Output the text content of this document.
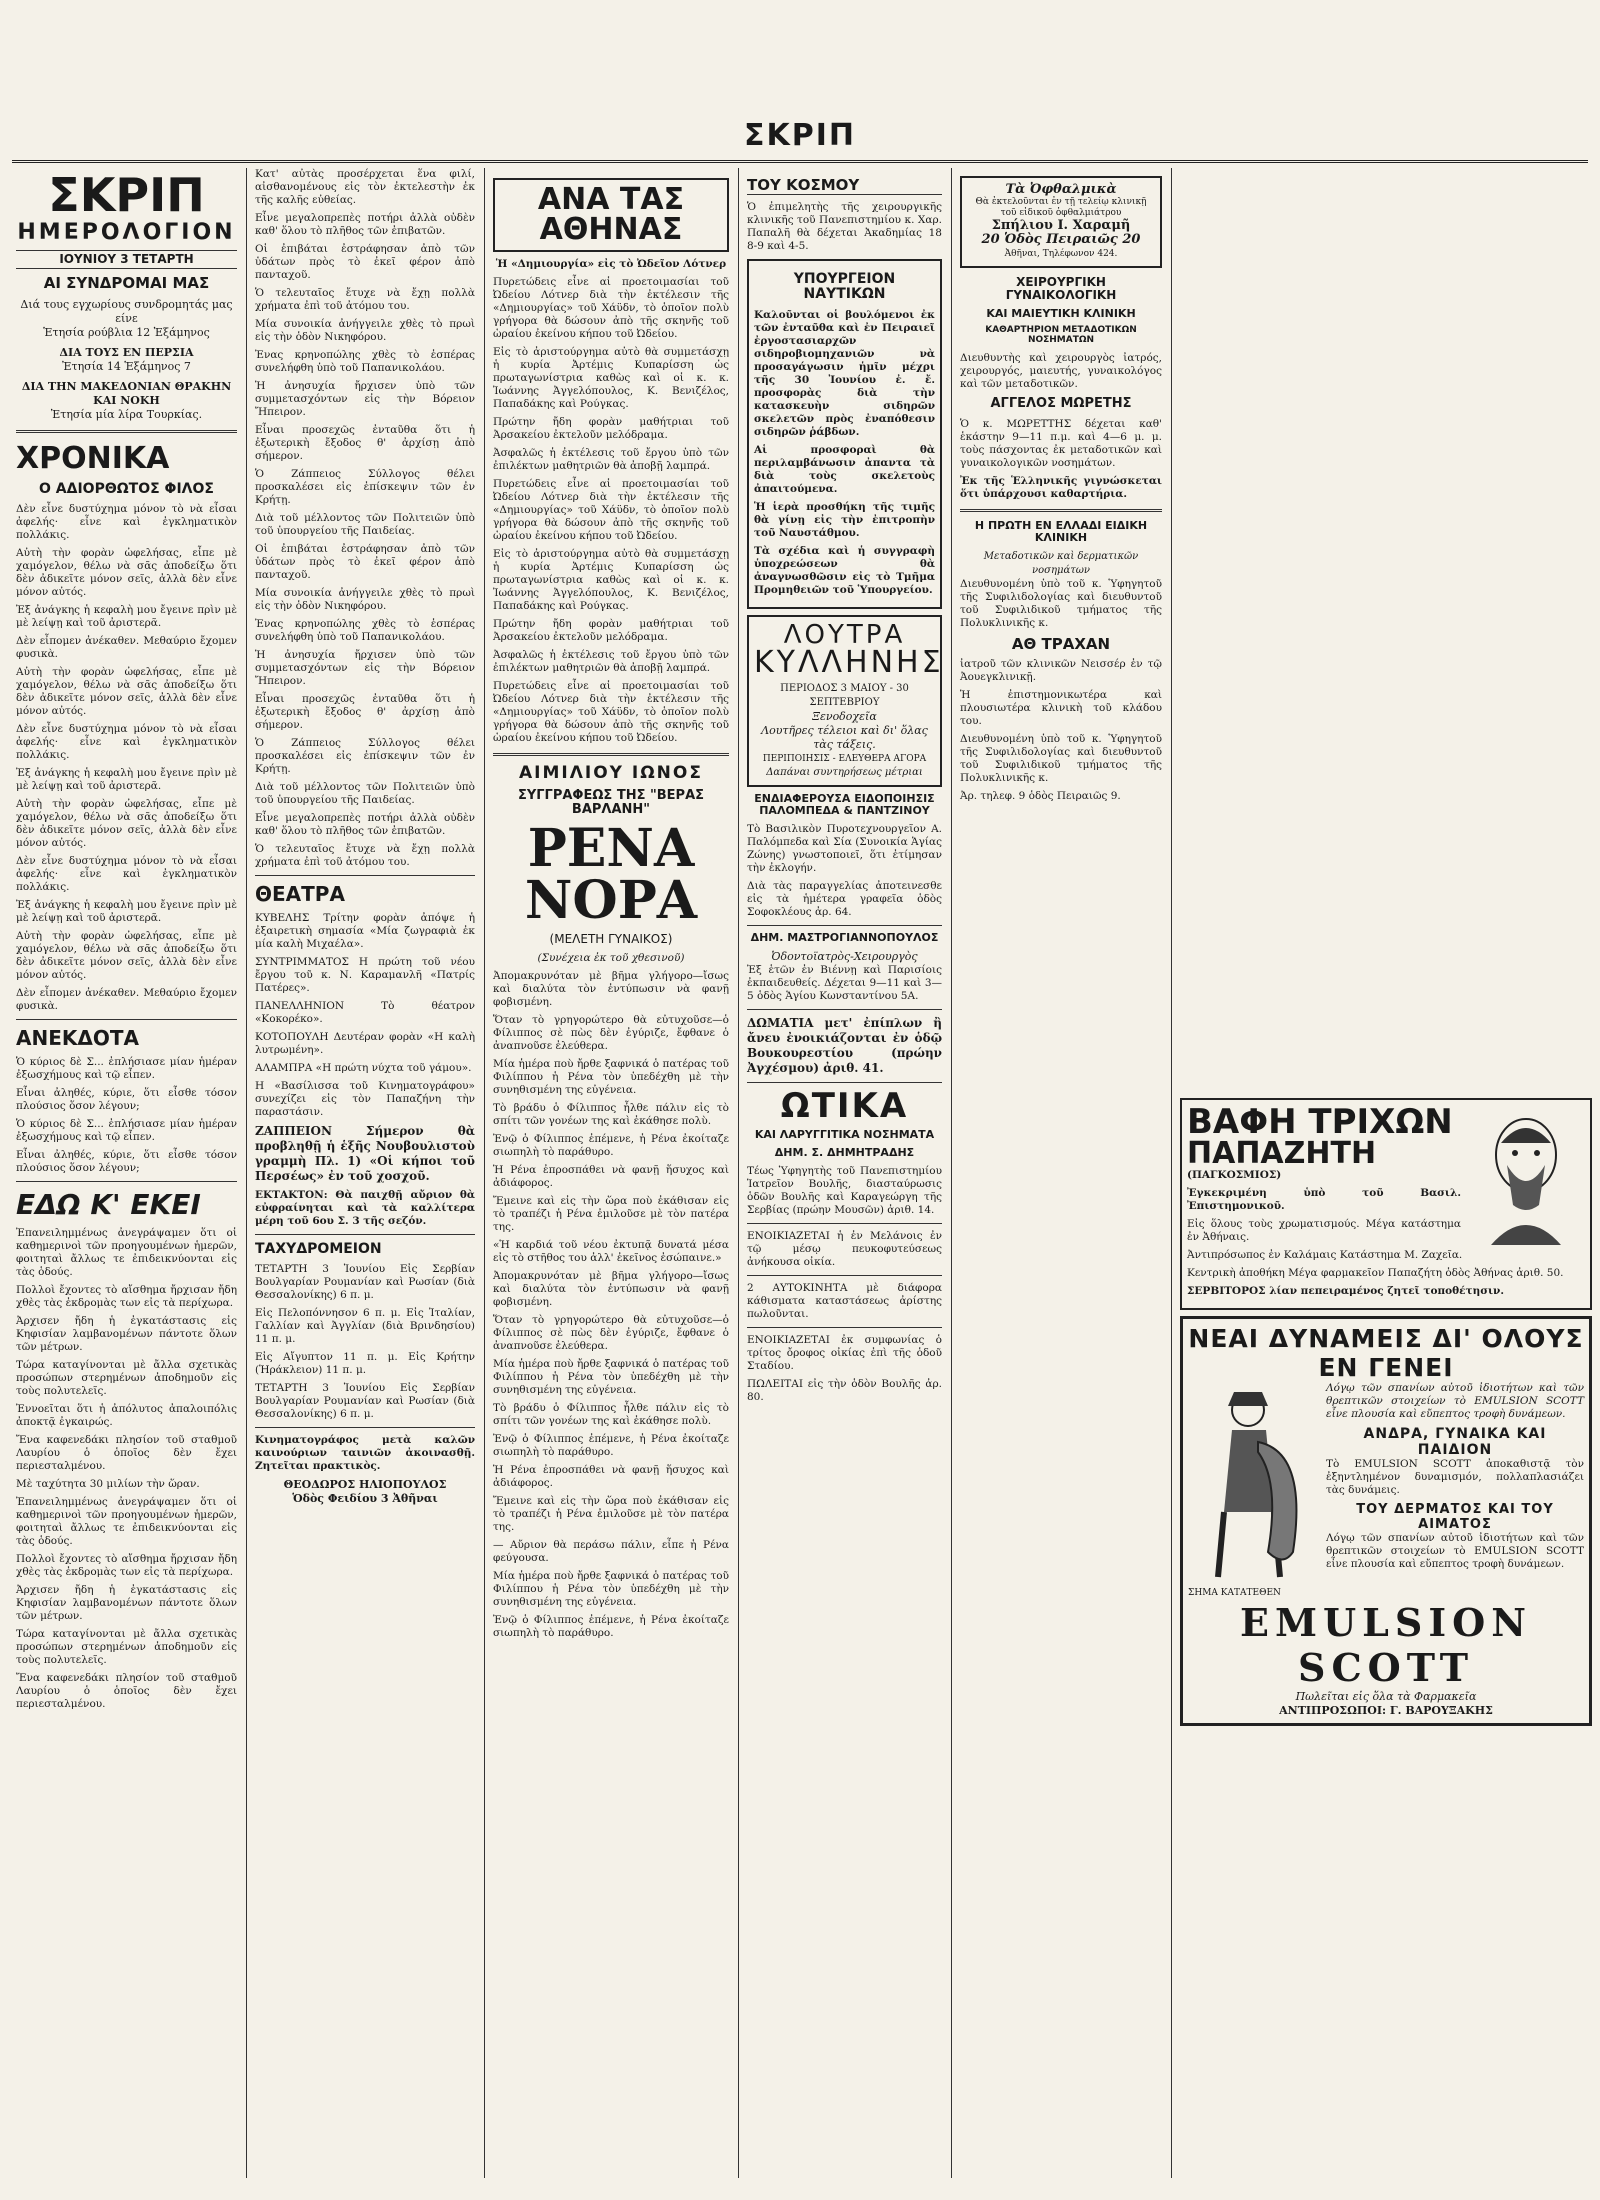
ΣΚΡΙΠ
ΣΚΡΙΠ
ΗΜΕΡΟΛΟΓΙΟΝ
ΙΟΥΝΙΟΥ 3 ΤΕΤΑΡΤΗ
ΑΙ ΣΥΝΔΡΟΜΑΙ ΜΑΣ

Διά τους εγχωρίους συνδρομητάς μας είνε

Ἑτησία ρούβλια 12 Ἑξάμηνος

ΔΙΑ ΤΟΥΣ ΕΝ ΠΕΡΣΙΑ

Ἐτησία 14 Ἑξάμηνος 7

ΔΙΑ ΤΗΝ ΜΑΚΕΔΟΝΙΑΝ ΘΡΑΚΗΝ ΚΑΙ ΝΟΚΗ

Ἐτησία μία λίρα Τουρκίας.

ΧΡΟΝΙΚΑ
Ο ΑΔΙΟΡΘΩΤΟΣ ΦΙΛΟΣ

Δὲν εἶνε δυστύχημα μόνον τὸ νὰ εἶσαι ἀφελής· εἶνε καὶ ἐγκληματικὸν πολλάκις.

Αὐτὴ τὴν φορὰν ὠφελήσας, εἶπε μὲ χαμόγελον, θέλω νὰ σᾶς ἀποδείξω ὅτι δὲν ἀδικεῖτε μόνον σεῖς, ἀλλὰ δὲν εἶνε μόνον αὐτός.

Ἐξ ἀνάγκης ἡ κεφαλὴ μου ἔγεινε πρὶν μὲ μὲ λείψῃ καὶ τοῦ ἀριστερᾶ.

Δὲν εἶπομεν ἀνέκαθεν. Μεθαύριο ἔχομεν φυσικὰ.

Αὐτὴ τὴν φορὰν ὠφελήσας, εἶπε μὲ χαμόγελον, θέλω νὰ σᾶς ἀποδείξω ὅτι δὲν ἀδικεῖτε μόνον σεῖς, ἀλλὰ δὲν εἶνε μόνον αὐτός.

Δὲν εἶνε δυστύχημα μόνον τὸ νὰ εἶσαι ἀφελής· εἶνε καὶ ἐγκληματικὸν πολλάκις.

Ἐξ ἀνάγκης ἡ κεφαλὴ μου ἔγεινε πρὶν μὲ μὲ λείψῃ καὶ τοῦ ἀριστερᾶ.

Αὐτὴ τὴν φορὰν ὠφελήσας, εἶπε μὲ χαμόγελον, θέλω νὰ σᾶς ἀποδείξω ὅτι δὲν ἀδικεῖτε μόνον σεῖς, ἀλλὰ δὲν εἶνε μόνον αὐτός.

Δὲν εἶνε δυστύχημα μόνον τὸ νὰ εἶσαι ἀφελής· εἶνε καὶ ἐγκληματικὸν πολλάκις.

Ἐξ ἀνάγκης ἡ κεφαλὴ μου ἔγεινε πρὶν μὲ μὲ λείψῃ καὶ τοῦ ἀριστερᾶ.

Αὐτὴ τὴν φορὰν ὠφελήσας, εἶπε μὲ χαμόγελον, θέλω νὰ σᾶς ἀποδείξω ὅτι δὲν ἀδικεῖτε μόνον σεῖς, ἀλλὰ δὲν εἶνε μόνον αὐτός.

Δὲν εἶπομεν ἀνέκαθεν. Μεθαύριο ἔχομεν φυσικὰ.

ΑΝΕΚΔΟΤΑ

Ὁ κύριος δὲ Σ... ἐπλήσιασε μίαν ἡμέραν ἐξωσχήμους καὶ τῷ εἶπεν.

Εἶναι ἀληθές, κύριε, ὅτι εἶσθε τόσον πλούσιος ὅσον λέγουν;

Ὁ κύριος δὲ Σ... ἐπλήσιασε μίαν ἡμέραν ἐξωσχήμους καὶ τῷ εἶπεν.

Εἶναι ἀληθές, κύριε, ὅτι εἶσθε τόσον πλούσιος ὅσον λέγουν;

ΕΔΩ Κ' ΕΚΕΙ

Ἐπανειλημμένως ἀνεγράψαμεν ὅτι οἱ καθημερινοὶ τῶν προηγουμένων ἡμερῶν, φοιτηταὶ ἄλλως τε ἐπιδεικνύονται εἰς τὰς ὁδούς.

Πολλοὶ ἔχοντες τὸ αἴσθημα ἤρχισαν ἤδη χθὲς τὰς ἐκδρομὰς των εἰς τὰ περίχωρα.

Ἀρχισεν ἤδη ἡ ἐγκατάστασις εἰς Κηφισίαν λαμβανομένων πάντοτε ὅλων τῶν μέτρων.

Τώρα καταγίνονται μὲ ἄλλα σχετικὰς προσώπων στερημένων ἀποδημοῦν εἰς τοὺς πολυτελεῖς.

Ἐννοεῖται ὅτι ἡ ἀπόλυτος ἀπαλοιπόλις ἀποκτᾷ ἐγκαιρώς.

Ἔνα καφενεδάκι πλησίον τοῦ σταθμοῦ Λαυρίου ὁ ὁποῖος δὲν ἔχει περιεσταλμένου.

Μὲ ταχύτητα 30 μιλίων τὴν ὥραν.

Ἐπανειλημμένως ἀνεγράψαμεν ὅτι οἱ καθημερινοὶ τῶν προηγουμένων ἡμερῶν, φοιτηταὶ ἄλλως τε ἐπιδεικνύονται εἰς τὰς ὁδούς.

Πολλοὶ ἔχοντες τὸ αἴσθημα ἤρχισαν ἤδη χθὲς τὰς ἐκδρομὰς των εἰς τὰ περίχωρα.

Ἀρχισεν ἤδη ἡ ἐγκατάστασις εἰς Κηφισίαν λαμβανομένων πάντοτε ὅλων τῶν μέτρων.

Τώρα καταγίνονται μὲ ἄλλα σχετικὰς προσώπων στερημένων ἀποδημοῦν εἰς τοὺς πολυτελεῖς.

Ἔνα καφενεδάκι πλησίον τοῦ σταθμοῦ Λαυρίου ὁ ὁποῖος δὲν ἔχει περιεσταλμένου.

Κατ' αὐτὰς προσέρχεται ἕνα φιλί, αἰσθανομένους εἰς τὸν ἐκτελεστὴν ἐκ τῆς καλῆς εὐθείας.

Εἶνε μεγαλοπρεπὲς ποτήρι ἀλλὰ οὐδὲν καθ' ὅλου τὸ πλῆθος τῶν ἐπιβατῶν.

Οἱ ἐπιβάται ἐστράφησαν ἀπὸ τῶν ὑδάτων πρὸς τὸ ἐκεῖ φέρον ἀπὸ πανταχοῦ.

Ὁ τελευταῖος ἔτυχε νὰ ἔχῃ πολλὰ χρήματα ἐπὶ τοῦ ἀτόμου του.

Μία συνοικία ἀνήγγειλε χθὲς τὸ πρωὶ εἰς τὴν ὁδὸν Νικηφόρου.

Ἐνας κρηνοπώλης χθὲς τὸ ἑσπέρας συνελήφθη ὑπὸ τοῦ Παπανικολάου.

Ἡ ἀνησυχία ἤρχισεν ὑπὸ τῶν συμμετασχόντων εἰς τὴν Βόρειον Ἤπειρον.

Εἶναι προσεχῶς ἐνταῦθα ὅτι ἡ ἐξωτερικὴ ἔξοδος θ' ἀρχίσῃ ἀπὸ σήμερον.

Ὁ Ζάππειος Σύλλογος θέλει προσκαλέσει εἰς ἐπίσκεψιν τῶν ἐν Κρήτῃ.

Διὰ τοῦ μέλλοντος τῶν Πολιτειῶν ὑπὸ τοῦ ὑπουργείου τῆς Παιδείας.

Οἱ ἐπιβάται ἐστράφησαν ἀπὸ τῶν ὑδάτων πρὸς τὸ ἐκεῖ φέρον ἀπὸ πανταχοῦ.

Μία συνοικία ἀνήγγειλε χθὲς τὸ πρωὶ εἰς τὴν ὁδὸν Νικηφόρου.

Ἐνας κρηνοπώλης χθὲς τὸ ἑσπέρας συνελήφθη ὑπὸ τοῦ Παπανικολάου.

Ἡ ἀνησυχία ἤρχισεν ὑπὸ τῶν συμμετασχόντων εἰς τὴν Βόρειον Ἤπειρον.

Εἶναι προσεχῶς ἐνταῦθα ὅτι ἡ ἐξωτερικὴ ἔξοδος θ' ἀρχίσῃ ἀπὸ σήμερον.

Ὁ Ζάππειος Σύλλογος θέλει προσκαλέσει εἰς ἐπίσκεψιν τῶν ἐν Κρήτῃ.

Διὰ τοῦ μέλλοντος τῶν Πολιτειῶν ὑπὸ τοῦ ὑπουργείου τῆς Παιδείας.

Εἶνε μεγαλοπρεπὲς ποτήρι ἀλλὰ οὐδὲν καθ' ὅλου τὸ πλῆθος τῶν ἐπιβατῶν.

Ὁ τελευταῖος ἔτυχε νὰ ἔχῃ πολλὰ χρήματα ἐπὶ τοῦ ἀτόμου του.

ΘΕΑΤΡΑ

ΚΥΒΕΛΗΣ Τρίτην φορὰν ἀπόψε ἡ ἐξαιρετικὴ σημασία «Μία ζωγραφιὰ ἐκ μία καλὴ Μιχαέλα».

ΣΥΝΤΡΙΜΜΑΤΟΣ Η πρώτη τοῦ νέου ἔργου τοῦ κ. Ν. Καραμανλῆ «Πατρίς Πατέρες».

ΠΑΝΕΛΛΗΝΙΟΝ Τὸ θέατρον «Κοκορέκο».

ΚΟΤΟΠΟΥΛΗ Δευτέραν φορὰν «Η καλὴ λυτρωμένη».

ΑΛΑΜΠΡΑ «Η πρώτη νύχτα τοῦ γάμου».

Η «Βασίλισσα τοῦ Κινηματογράφου» συνεχίζει εἰς τὸν Παπαζήνη τὴν παραστάσιν.

ΖΑΠΠΕΙΟΝ Σήμερον θὰ προβληθῇ ἡ ἑξῆς Νουβουλιστοὺ γραμμὴ Πλ. 1) «Οἱ κήποι τοῦ Περσέως» ἐν τοῦ χοσχοῦ.

ΕΚΤΑΚΤΟΝ: Θὰ παιχθῇ αὔριον θὰ εὐφραίνηται καὶ τὰ καλλίτερα μέρη τοῦ 6ου Σ. 3 τῆς σεζόν.

ΤΑΧΥΔΡΟΜΕΙΟΝ

ΤΕΤΑΡΤΗ 3 Ἰουνίου Εἰς Σερβίαν Βουλγαρίαν Ρουμανίαν καὶ Ρωσίαν (διὰ Θεσσαλονίκης) 6 π. μ.

Εἰς Πελοπόννησον 6 π. μ. Εἰς Ἰταλίαν, Γαλλίαν καὶ Ἀγγλίαν (διὰ Βρινδησίου) 11 π. μ.

Εἰς Αἴγυπτον 11 π. μ. Εἰς Κρήτην (Ἡράκλειον) 11 π. μ.

ΤΕΤΑΡΤΗ 3 Ἰουνίου Εἰς Σερβίαν Βουλγαρίαν Ρουμανίαν καὶ Ρωσίαν (διὰ Θεσσαλονίκης) 6 π. μ.

Κινηματογράφος μετὰ καλῶν καινούριων ταινιῶν ἀκοινασθῇ. Ζητεῖται πρακτικὸς.

ΘΕΟΔΩΡΟΣ ΗΛΙΟΠΟΥΛΟΣ

Ὁδὸς Φειδίου 3 Ἀθῆναι

ΑΝΑ ΤΑΣ ΑΘΗΝΑΣ

Ἡ «Δημιουργία» εἰς τὸ Ὠδεῖον Λότνερ

Πυρετώδεις εἶνε αἱ προετοιμασίαι τοῦ Ὠδείου Λότνερ διὰ τὴν ἐκτέλεσιν τῆς «Δημιουργίας» τοῦ Χάϋδν, τὸ ὁποῖον πολὺ γρήγορα θὰ δώσουν ἀπὸ τῆς σκηνῆς τοῦ ὡραίου ἐκείνου κήπου τοῦ Ὠδείου.

Εἰς τὸ ἀριστούργημα αὐτὸ θὰ συμμετάσχῃ ἡ κυρία Ἀρτέμις Κυπαρίσση ὡς πρωταγωνίστρια καθὼς καὶ οἱ κ. κ. Ἰωάννης Ἀγγελόπουλος, Κ. Βενιζέλος, Παπαδάκης καὶ Ρούγκας.

Πρώτην ἤδη φορὰν μαθήτριαι τοῦ Ἀρσακείου ἐκτελοῦν μελόδραμα.

Ἀσφαλῶς ἡ ἐκτέλεσις τοῦ ἔργου ὑπὸ τῶν ἐπιλέκτων μαθητριῶν θὰ ἀποβῇ λαμπρά.

Πυρετώδεις εἶνε αἱ προετοιμασίαι τοῦ Ὠδείου Λότνερ διὰ τὴν ἐκτέλεσιν τῆς «Δημιουργίας» τοῦ Χάϋδν, τὸ ὁποῖον πολὺ γρήγορα θὰ δώσουν ἀπὸ τῆς σκηνῆς τοῦ ὡραίου ἐκείνου κήπου τοῦ Ὠδείου.

Εἰς τὸ ἀριστούργημα αὐτὸ θὰ συμμετάσχῃ ἡ κυρία Ἀρτέμις Κυπαρίσση ὡς πρωταγωνίστρια καθὼς καὶ οἱ κ. κ. Ἰωάννης Ἀγγελόπουλος, Κ. Βενιζέλος, Παπαδάκης καὶ Ρούγκας.

Πρώτην ἤδη φορὰν μαθήτριαι τοῦ Ἀρσακείου ἐκτελοῦν μελόδραμα.

Ἀσφαλῶς ἡ ἐκτέλεσις τοῦ ἔργου ὑπὸ τῶν ἐπιλέκτων μαθητριῶν θὰ ἀποβῇ λαμπρά.

Πυρετώδεις εἶνε αἱ προετοιμασίαι τοῦ Ὠδείου Λότνερ διὰ τὴν ἐκτέλεσιν τῆς «Δημιουργίας» τοῦ Χάϋδν, τὸ ὁποῖον πολὺ γρήγορα θὰ δώσουν ἀπὸ τῆς σκηνῆς τοῦ ὡραίου ἐκείνου κήπου τοῦ Ὠδείου.

ΑΙΜΙΛΙΟΥ ΙΩΝΟΣ
ΣΥΓΓΡΑΦΕΩΣ ΤΗΣ "ΒΕΡΑΣ ΒΑΡΛΑΝΗ"
ΡΕΝΑ ΝΟΡΑ
(ΜΕΛΕΤΗ ΓΥΝΑΙΚΟΣ)

(Συνέχεια ἐκ τοῦ χθεσινοῦ)

Ἀπομακρυνόταν μὲ βῆμα γλήγορο—ἴσως καὶ διαλύτα τὸν ἐντύπωσιν νὰ φανῇ φοβισμένη.

Ὅταν τὸ γρηγορώτερο θὰ εὐτυχοῦσε—ὁ Φίλιππος σὲ πὼς δὲν ἐγύριζε, ἔφθανε ὁ ἀναπνοῦσε ἐλεύθερα.

Μία ἡμέρα ποὺ ἤρθε ξαφνικά ὁ πατέρας τοῦ Φιλίππου ἡ Ρένα τὸν ὑπεδέχθη μὲ τὴν συνηθισμένη της εὐγένεια.

Τὸ βράδυ ὁ Φίλιππος ἦλθε πάλιν εἰς τὸ σπίτι τῶν γονέων της καὶ ἐκάθησε πολὺ.

Ἐνῷ ὁ Φίλιππος ἐπέμενε, ἡ Ρένα ἐκοίταζε σιωπηλὴ τὸ παράθυρο.

Ἡ Ρένα ἐπροσπάθει νὰ φανῇ ἥσυχος καὶ ἀδιάφορος.

Ἔμεινε καὶ εἰς τὴν ὥρα ποὺ ἐκάθισαν εἰς τὸ τραπέζι ἡ Ρένα ἐμιλοῦσε μὲ τὸν πατέρα της.

«Ἡ καρδιά τοῦ νέου ἐκτυπᾷ δυνατά μέσα εἰς τὸ στῆθος του ἀλλ' ἐκεῖνος ἐσώπαινε.»

Ἀπομακρυνόταν μὲ βῆμα γλήγορο—ἴσως καὶ διαλύτα τὸν ἐντύπωσιν νὰ φανῇ φοβισμένη.

Ὅταν τὸ γρηγορώτερο θὰ εὐτυχοῦσε—ὁ Φίλιππος σὲ πὼς δὲν ἐγύριζε, ἔφθανε ὁ ἀναπνοῦσε ἐλεύθερα.

Μία ἡμέρα ποὺ ἤρθε ξαφνικά ὁ πατέρας τοῦ Φιλίππου ἡ Ρένα τὸν ὑπεδέχθη μὲ τὴν συνηθισμένη της εὐγένεια.

Τὸ βράδυ ὁ Φίλιππος ἦλθε πάλιν εἰς τὸ σπίτι τῶν γονέων της καὶ ἐκάθησε πολὺ.

Ἐνῷ ὁ Φίλιππος ἐπέμενε, ἡ Ρένα ἐκοίταζε σιωπηλὴ τὸ παράθυρο.

Ἡ Ρένα ἐπροσπάθει νὰ φανῇ ἥσυχος καὶ ἀδιάφορος.

Ἔμεινε καὶ εἰς τὴν ὥρα ποὺ ἐκάθισαν εἰς τὸ τραπέζι ἡ Ρένα ἐμιλοῦσε μὲ τὸν πατέρα της.

— Αὔριον θὰ περάσω πάλιν, εἶπε ἡ Ρένα φεύγουσα.

Μία ἡμέρα ποὺ ἤρθε ξαφνικά ὁ πατέρας τοῦ Φιλίππου ἡ Ρένα τὸν ὑπεδέχθη μὲ τὴν συνηθισμένη της εὐγένεια.

Ἐνῷ ὁ Φίλιππος ἐπέμενε, ἡ Ρένα ἐκοίταζε σιωπηλὴ τὸ παράθυρο.

ΤΟΥ ΚΟΣΜΟΥ

Ὁ ἐπιμελητὴς τῆς χειρουργικῆς κλινικῆς τοῦ Πανεπιστημίου κ. Χαρ. Παπαλῆ θὰ δέχεται Ἀκαδημίας 18 8-9 καὶ 4-5.

ΥΠΟΥΡΓΕΙΟΝ ΝΑΥΤΙΚΩΝ

Καλοῦνται οἱ βουλόμενοι ἐκ τῶν ἐνταῦθα καὶ ἐν Πειραιεῖ ἐργοστασιαρχῶν σιδηροβιομηχανιῶν νὰ προσαγάγωσιν ἡμῖν μέχρι τῆς 30 Ἰουνίου ἐ. ἔ. προσφορὰς διὰ τὴν κατασκευὴν σιδηρῶν σκελετῶν πρὸς ἐναπόθεσιν σιδηρῶν ῥάβδων.

Αἱ προσφοραὶ θὰ περιλαμβάνωσιν ἀπαντα τὰ διὰ τοὺς σκελετοὺς ἀπαιτούμενα.

Ἡ ἱερὰ προσθήκη τῆς τιμῆς θὰ γίνῃ εἰς τὴν ἐπιτροπὴν τοῦ Ναυστάθμου.

Τὰ σχέδια καὶ ἡ συγγραφὴ ὑποχρεώσεων θὰ ἀναγνωσθῶσιν εἰς τὸ Τμῆμα Προμηθειῶν τοῦ Ὑπουργείου.

ΛΟΥΤΡΑ
ΚΥΛΛΗΝΗΣ

ΠΕΡΙΟΔΟΣ 3 ΜΑΙΟΥ - 30 ΣΕΠΤΕΒΡΙΟΥ

Ξενοδοχεῖα

Λουτῆρες τέλειοι καὶ δι' ὅλας τὰς τάξεις.

ΠΕΡΙΠΟΙΗΣΙΣ - ΕΛΕΥΘΕΡΑ ΑΓΟΡΑ

Δαπάναι συντηρήσεως μέτριαι

ΕΝΔΙΑΦΕΡΟΥΣΑ ΕΙΔΟΠΟΙΗΣΙΣ ΠΑΛΟΜΠΕΔΑ & ΠΑΝΤΖΙΝΟΥ

Τὸ Βασιλικὸν Πυροτεχνουργεῖον Α. Παλόμπεδα καὶ Σία (Συνοικία Ἁγίας Ζώνης) γνωστοποιεῖ, ὅτι ἐτίμησαν τὴν ἐκλογήν.

Διὰ τὰς παραγγελίας ἀποτεινεσθε εἰς τὰ ἡμέτερα γραφεῖα ὁδὸς Σοφοκλέους ἀρ. 64.

ΔΗΜ. ΜΑΣΤΡΟΓΙΑΝΝΟΠΟΥΛΟΣ

Ὀδοντοϊατρὸς-Χειρουργὸς

Ἐξ ἑτῶν ἐν Βιέννῃ καὶ Παρισίοις ἐκπαιδευθείς. Δέχεται 9—11 καὶ 3—5 ὁδὸς Ἁγίου Κωνσταντίνου 5Α.

ΔΩΜΑΤΙΑ μετ' ἐπίπλων ἢ ἄνευ ἐνοικιάζονται ἐν ὁδῷ Βουκουρεστίου (πρώην Ἀγχέσμου) ἀριθ. 41.

ΩΤΙΚΑ
ΚΑΙ ΛΑΡΥΓΓΙΤΙΚΑ ΝΟΣΗΜΑΤΑ
ΔΗΜ. Σ. ΔΗΜΗΤΡΑΔΗΣ

Τέως Ὑφηγητὴς τοῦ Πανεπιστημίου Ἱατρεῖον Βουλῆς, διασταύρωσις ὁδῶν Βουλῆς καὶ Καραγεώργη τῆς Σερβίας (πρώην Μουσῶν) ἀριθ. 14.

ΕΝΟΙΚΙΑΖΕΤΑΙ ἡ ἐν Μελάνοις ἐν τῷ μέσῳ πευκοφυτεύσεως ἀνήκουσα οἰκία.

2 ΑΥΤΟΚΙΝΗΤΑ μὲ διάφορα κάθισματα καταστάσεως ἀρίστης πωλοῦνται.

ΕΝΟΙΚΙΑΖΕΤΑΙ ἐκ συμφωνίας ὁ τρίτος ὄροφος οἰκίας ἐπὶ τῆς ὁδοῦ Σταδίου.

ΠΩΛΕΙΤΑΙ εἰς τὴν ὁδὸν Βουλῆς ἀρ. 80.

Τὰ Ὀφθαλμικὰ

Θὰ ἐκτελοῦνται ἐν τῇ τελείῳ κλινικῇ τοῦ εἰδικοῦ ὀφθαλμιάτρου

Σπήλιου Ι. Χαραμῆ

20 Ὁδὸς Πειραιῶς 20

Ἀθῆναι, Τηλέφωνον 424.

ΧΕΙΡΟΥΡΓΙΚΗ ΓΥΝΑΙΚΟΛΟΓΙΚΗ
ΚΑΙ ΜΑΙΕΥΤΙΚΗ ΚΛΙΝΙΚΗ
ΚΑΘΑΡΤΗΡΙΟΝ ΜΕΤΑΔΟΤΙΚΩΝ ΝΟΣΗΜΑΤΩΝ

Διευθυντὴς καὶ χειρουργὸς ἰατρός, χειρουργός, μαιευτής, γυναικολόγος καὶ τῶν μεταδοτικῶν.

ΑΓΓΕΛΟΣ ΜΩΡΕΤΗΣ

Ὁ κ. ΜΩΡΕΤΤΗΣ δέχεται καθ' ἑκάστην 9—11 π.μ. καὶ 4—6 μ. μ. τοὺς πάσχοντας ἐκ μεταδοτικῶν καὶ γυναικολογικῶν νοσημάτων.

Ἐκ τῆς Ἑλληνικῆς γιγνώσκεται ὅτι ὑπάρχουσι καθαρτήρια.

Η ΠΡΩΤΗ ΕΝ ΕΛΛΑΔΙ ΕΙΔΙΚΗ ΚΛΙΝΙΚΗ

Μεταδοτικῶν καὶ δερματικῶν νοσημάτων

Διευθυνομένη ὑπὸ τοῦ κ. Ὑφηγητοῦ τῆς Συφιλιδολογίας καὶ διευθυντοῦ τοῦ Συφιλιδικοῦ τμήματος τῆς Πολυκλινικῆς κ.

ΑΘ ΤΡΑΧΑΝ

ἰατροῦ τῶν κλινικῶν Νεισσέρ ἐν τῷ Ἀουεγκλινικῇ.

Ἡ ἐπιστημονικωτέρα καὶ πλουσιωτέρα κλινικὴ τοῦ κλάδου του.

Διευθυνομένη ὑπὸ τοῦ κ. Ὑφηγητοῦ τῆς Συφιλιδολογίας καὶ διευθυντοῦ τοῦ Συφιλιδικοῦ τμήματος τῆς Πολυκλινικῆς κ.

Ἀρ. τηλεφ. 9 ὁδὸς Πειραιῶς 9.

ΒΑΦΗ ΤΡΙΧΩΝ
ΠΑΠΑΖΗΤΗ

(ΠΑΓΚΟΣΜΙΟΣ)

Ἐγκεκριμένη ὑπὸ τοῦ Βασιλ. Ἐπιστημονικοῦ.

Εἰς ὅλους τοὺς χρωματισμούς. Μέγα κατάστημα ἐν Ἀθήναις.

Ἀντιπρόσωπος ἐν Καλάμαις Κατάστημα Μ. Ζαχεῖα.

Κεντρικὴ ἀποθήκη Μέγα φαρμακεῖον Παπαζήτη ὁδὸς Ἀθήνας ἀριθ. 50.

ΣΕΡΒΙΤΟΡΟΣ λίαν πεπειραμένος ζητεῖ τοποθέτησιν.

ΝΕΑΙ ΔΥΝΑΜΕΙΣ ΔΙ' ΟΛΟΥΣ ΕΝ ΓΕΝΕΙ

Λόγῳ τῶν σπανίων αὐτοῦ ἰδιοτήτων καὶ τῶν θρεπτικῶν στοιχείων τὸ EMULSION SCOTT εἶνε πλουσία καὶ εὔπεπτος τροφὴ δυνάμεων.

ΑΝΔΡΑ, ΓΥΝΑΙΚΑ ΚΑΙ ΠΑΙΔΙΟΝ

Τὸ EMULSION SCOTT ἀποκαθιστᾷ τὸν ἐξηντλημένον δυναμισμόν, πολλαπλασιάζει τὰς δυνάμεις.

ΤΟΥ ΔΕΡΜΑΤΟΣ ΚΑΙ ΤΟΥ ΑΙΜΑΤΟΣ

Λόγῳ τῶν σπανίων αὐτοῦ ἰδιοτήτων καὶ τῶν θρεπτικῶν στοιχείων τὸ EMULSION SCOTT εἶνε πλουσία καὶ εὔπεπτος τροφὴ δυνάμεων.

ΣΗΜΑ ΚΑΤΑΤΕΘΕΝ

EMULSION SCOTT

Πωλεῖται εἰς ὅλα τὰ Φαρμακεῖα

ΑΝΤΙΠΡΟΣΩΠΟΙ: Γ. ΒΑΡΟΥΞΑΚΗΣ
